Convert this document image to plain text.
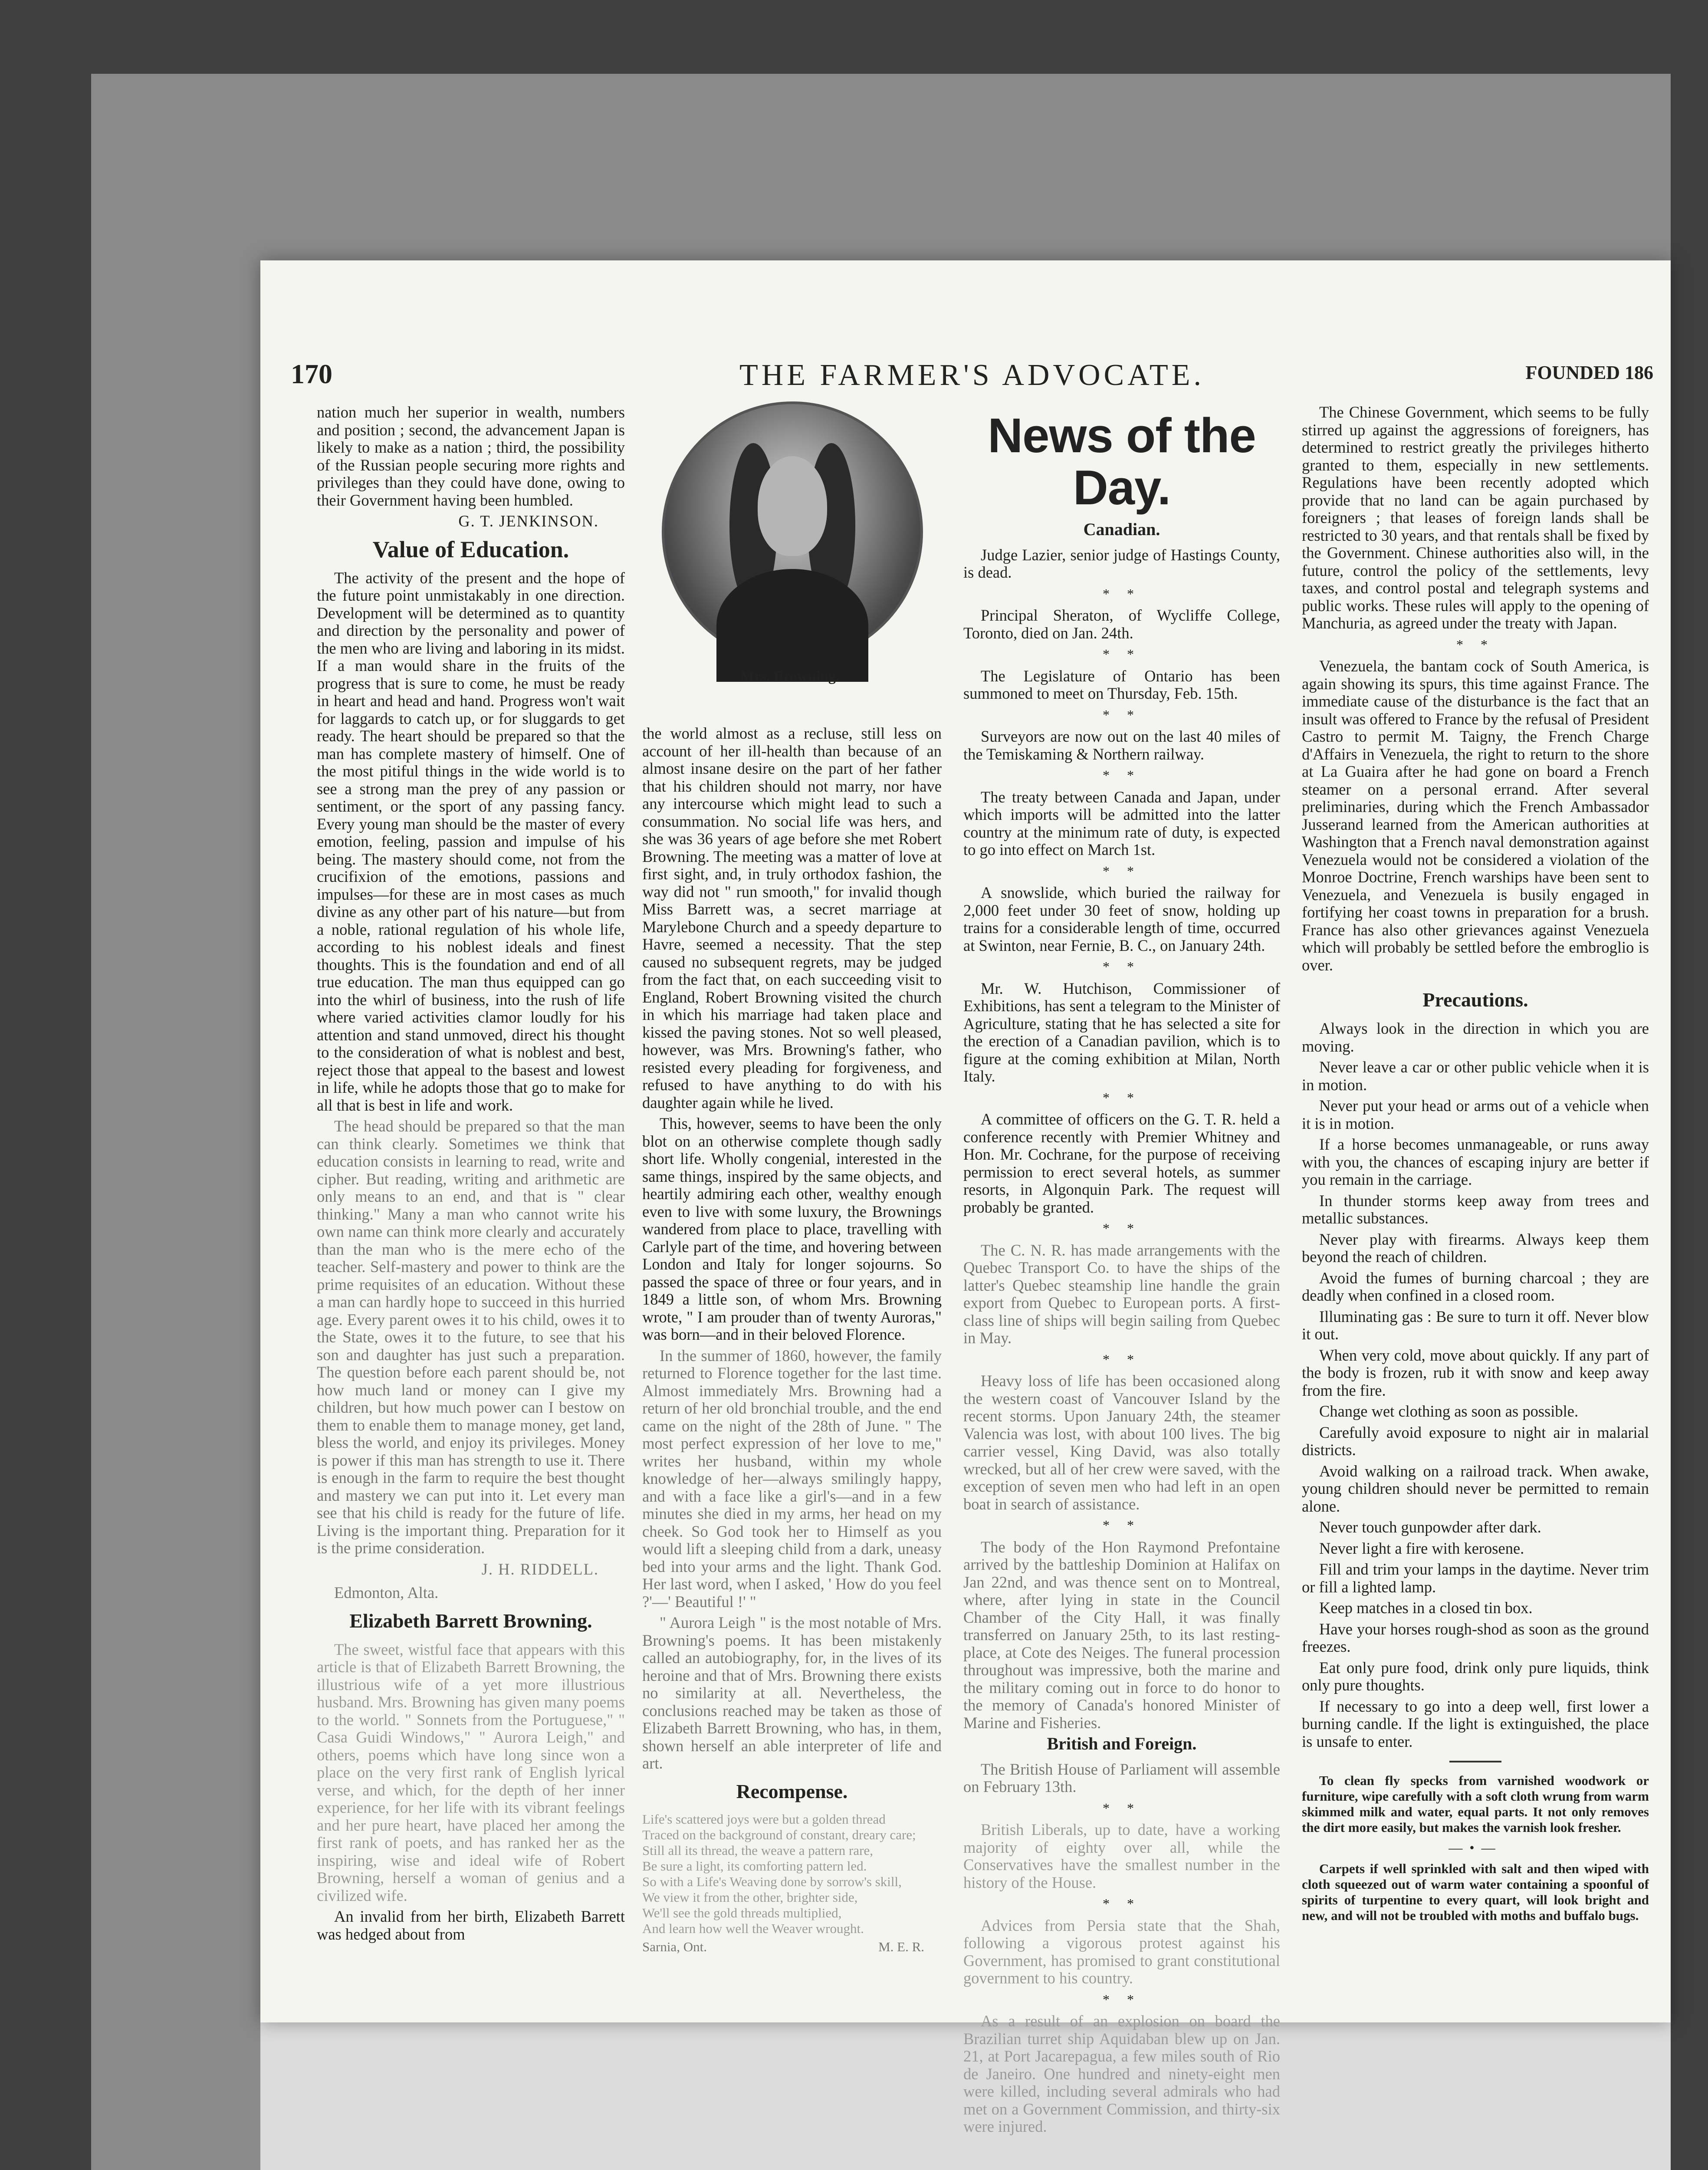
170	THE FARMER'S ADVOCATE.	FOUNDED 186

nation much her superior in wealth, numbers and position ; second, the advancement Japan is likely to make as a nation ; third, the possibility of the Russian people securing more rights and privileges than they could have done, owing to their Government having been humbled.

G. T. JENKINSON.
Value of Education.

The activity of the present and the hope of the future point unmistakably in one direction. Development will be determined as to quantity and direction by the personality and power of the men who are living and laboring in its midst. If a man would share in the fruits of the progress that is sure to come, he must be ready in heart and head and hand. Progress won't wait for laggards to catch up, or for sluggards to get ready. The heart should be prepared so that the man has complete mastery of himself. One of the most pitiful things in the wide world is to see a strong man the prey of any passion or sentiment, or the sport of any passing fancy. Every young man should be the master of every emotion, feeling, passion and impulse of his being. The mastery should come, not from the crucifixion of the emotions, passions and impulses—for these are in most cases as much divine as any other part of his nature—but from a noble, rational regulation of his whole life, according to his noblest ideals and finest thoughts. This is the foundation and end of all true education. The man thus equipped can go into the whirl of business, into the rush of life where varied activities clamor loudly for his attention and stand unmoved, direct his thought to the consideration of what is noblest and best, reject those that appeal to the basest and lowest in life, while he adopts those that go to make for all that is best in life and work.

The head should be prepared so that the man can think clearly. Sometimes we think that education consists in learning to read, write and cipher. But reading, writing and arithmetic are only means to an end, and that is " clear thinking." Many a man who cannot write his own name can think more clearly and accurately than the man who is the mere echo of the teacher. Self-mastery and power to think are the prime requisites of an education. Without these a man can hardly hope to succeed in this hurried age. Every parent owes it to his child, owes it to the State, owes it to the future, to see that his son and daughter has just such a preparation. The question before each parent should be, not how much land or money can I give my children, but how much power can I bestow on them to enable them to manage money, get land, bless the world, and enjoy its privileges. Money is power if this man has strength to use it. There is enough in the farm to require the best thought and mastery we can put into it. Let every man see that his child is ready for the future of life. Living is the important thing. Preparation for it is the prime consideration.

J. H. RIDDELL.

Edmonton, Alta.

Elizabeth Barrett Browning.

The sweet, wistful face that appears with this article is that of Elizabeth Barrett Browning, the illustrious wife of a yet more illustrious husband. Mrs. Browning has given many poems to the world. " Sonnets from the Portuguese," " Casa Guidi Windows," " Aurora Leigh," and others, poems which have long since won a place on the very first rank of English lyrical verse, and which, for the depth of her inner experience, for her life with its vibrant feelings and her pure heart, have placed her among the first rank of poets, and has ranked her as the inspiring, wise and ideal wife of Robert Browning, herself a woman of genius and a civilized wife.

An invalid from her birth, Elizabeth Barrett was hedged about from

Mrs. Browning.

the world almost as a recluse, still less on account of her ill-health than because of an almost insane desire on the part of her father that his children should not marry, nor have any intercourse which might lead to such a consummation. No social life was hers, and she was 36 years of age before she met Robert Browning. The meeting was a matter of love at first sight, and, in truly orthodox fashion, the way did not " run smooth," for invalid though Miss Barrett was, a secret marriage at Marylebone Church and a speedy departure to Havre, seemed a necessity. That the step caused no subsequent regrets, may be judged from the fact that, on each succeeding visit to England, Robert Browning visited the church in which his marriage had taken place and kissed the paving stones. Not so well pleased, however, was Mrs. Browning's father, who resisted every pleading for forgiveness, and refused to have anything to do with his daughter again while he lived.

This, however, seems to have been the only blot on an otherwise complete though sadly short life. Wholly congenial, interested in the same things, inspired by the same objects, and heartily admiring each other, wealthy enough even to live with some luxury, the Brownings wandered from place to place, travelling with Carlyle part of the time, and hovering between London and Italy for longer sojourns. So passed the space of three or four years, and in 1849 a little son, of whom Mrs. Browning wrote, " I am prouder than of twenty Auroras," was born—and in their beloved Florence.

In the summer of 1860, however, the family returned to Florence together for the last time. Almost immediately Mrs. Browning had a return of her old bronchial trouble, and the end came on the night of the 28th of June. " The most perfect expression of her love to me," writes her husband, within my whole knowledge of her—always smilingly happy, and with a face like a girl's—and in a few minutes she died in my arms, her head on my cheek. So God took her to Himself as you would lift a sleeping child from a dark, uneasy bed into your arms and the light. Thank God. Her last word, when I asked, ' How do you feel ?'—' Beautiful !' "

" Aurora Leigh " is the most notable of Mrs. Browning's poems. It has been mistakenly called an autobiography, for, in the lives of its heroine and that of Mrs. Browning there exists no similarity at all. Nevertheless, the conclusions reached may be taken as those of Elizabeth Barrett Browning, who has, in them, shown herself an able interpreter of life and art.

Recompense.
Life's scattered joys were but a golden thread
Traced on the background of constant, dreary care;
Still all its thread, the weave a pattern rare,
Be sure a light, its comforting pattern led.
So with a Life's Weaving done by sorrow's skill,
We view it from the other, brighter side,
We'll see the gold threads multiplied,
And learn how well the Weaver wrought.
Sarnia, Ont.	M. E. R.
News of the Day.
Canadian.

Judge Lazier, senior judge of Hastings County, is dead.

* *

Principal Sheraton, of Wycliffe College, Toronto, died on Jan. 24th.

* *

The Legislature of Ontario has been summoned to meet on Thursday, Feb. 15th.

* *

Surveyors are now out on the last 40 miles of the Temiskaming & Northern railway.

* *

The treaty between Canada and Japan, under which imports will be admitted into the latter country at the minimum rate of duty, is expected to go into effect on March 1st.

* *

A snowslide, which buried the railway for 2,000 feet under 30 feet of snow, holding up trains for a considerable length of time, occurred at Swinton, near Fernie, B. C., on January 24th.

* *

Mr. W. Hutchison, Commissioner of Exhibitions, has sent a telegram to the Minister of Agriculture, stating that he has selected a site for the erection of a Canadian pavilion, which is to figure at the coming exhibition at Milan, North Italy.

* *

A committee of officers on the G. T. R. held a conference recently with Premier Whitney and Hon. Mr. Cochrane, for the purpose of receiving permission to erect several hotels, as summer resorts, in Algonquin Park. The request will probably be granted.

* *

The C. N. R. has made arrangements with the Quebec Transport Co. to have the ships of the latter's Quebec steamship line handle the grain export from Quebec to European ports. A first-class line of ships will begin sailing from Quebec in May.

* *

Heavy loss of life has been occasioned along the western coast of Vancouver Island by the recent storms. Upon January 24th, the steamer Valencia was lost, with about 100 lives. The big carrier vessel, King David, was also totally wrecked, but all of her crew were saved, with the exception of seven men who had left in an open boat in search of assistance.

* *

The body of the Hon Raymond Prefontaine arrived by the battleship Dominion at Halifax on Jan 22nd, and was thence sent on to Montreal, where, after lying in state in the Council Chamber of the City Hall, it was finally transferred on January 25th, to its last resting-place, at Cote des Neiges. The funeral procession throughout was impressive, both the marine and the military coming out in force to do honor to the memory of Canada's honored Minister of Marine and Fisheries.

British and Foreign.

The British House of Parliament will assemble on February 13th.

* *

British Liberals, up to date, have a working majority of eighty over all, while the Conservatives have the smallest number in the history of the House.

* *

Advices from Persia state that the Shah, following a vigorous protest against his Government, has promised to grant constitutional government to his country.

* *

As a result of an explosion on board the Brazilian turret ship Aquidaban blew up on Jan. 21, at Port Jacarepagua, a few miles south of Rio de Janeiro. One hundred and ninety-eight men were killed, including several admirals who had met on a Government Commission, and thirty-six were injured.

The Chinese Government, which seems to be fully stirred up against the aggressions of foreigners, has determined to restrict greatly the privileges hitherto granted to them, especially in new settlements. Regulations have been recently adopted which provide that no land can be again purchased by foreigners ; that leases of foreign lands shall be restricted to 30 years, and that rentals shall be fixed by the Government. Chinese authorities also will, in the future, control the policy of the settlements, levy taxes, and control postal and telegraph systems and public works. These rules will apply to the opening of Manchuria, as agreed under the treaty with Japan.

* *

Venezuela, the bantam cock of South America, is again showing its spurs, this time against France. The immediate cause of the disturbance is the fact that an insult was offered to France by the refusal of President Castro to permit M. Taigny, the French Charge d'Affairs in Venezuela, the right to return to the shore at La Guaira after he had gone on board a French steamer on a personal errand. After several preliminaries, during which the French Ambassador Jusserand learned from the American authorities at Washington that a French naval demonstration against Venezuela would not be considered a violation of the Monroe Doctrine, French warships have been sent to Venezuela, and Venezuela is busily engaged in fortifying her coast towns in preparation for a brush. France has also other grievances against Venezuela which will probably be settled before the embroglio is over.

Precautions.

Always look in the direction in which you are moving.

Never leave a car or other public vehicle when it is in motion.

Never put your head or arms out of a vehicle when it is in motion.

If a horse becomes unmanageable, or runs away with you, the chances of escaping injury are better if you remain in the carriage.

In thunder storms keep away from trees and metallic substances.

Never play with firearms. Always keep them beyond the reach of children.

Avoid the fumes of burning charcoal ; they are deadly when confined in a closed room.

Illuminating gas : Be sure to turn it off. Never blow it out.

When very cold, move about quickly. If any part of the body is frozen, rub it with snow and keep away from the fire.

Change wet clothing as soon as possible.

Carefully avoid exposure to night air in malarial districts.

Avoid walking on a railroad track. When awake, young children should never be permitted to remain alone.

Never touch gunpowder after dark.

Never light a fire with kerosene.

Fill and trim your lamps in the daytime. Never trim or fill a lighted lamp.

Keep matches in a closed tin box.

Have your horses rough-shod as soon as the ground freezes.

Eat only pure food, drink only pure liquids, think only pure thoughts.

If necessary to go into a deep well, first lower a burning candle. If the light is extinguished, the place is unsafe to enter.

To clean fly specks from varnished woodwork or furniture, wipe carefully with a soft cloth wrung from warm skimmed milk and water, equal parts. It not only removes the dirt more easily, but makes the varnish look fresher.

—•—

Carpets if well sprinkled with salt and then wiped with cloth squeezed out of warm water containing a spoonful of spirits of turpentine to every quart, will look bright and new, and will not be troubled with moths and buffalo bugs.
